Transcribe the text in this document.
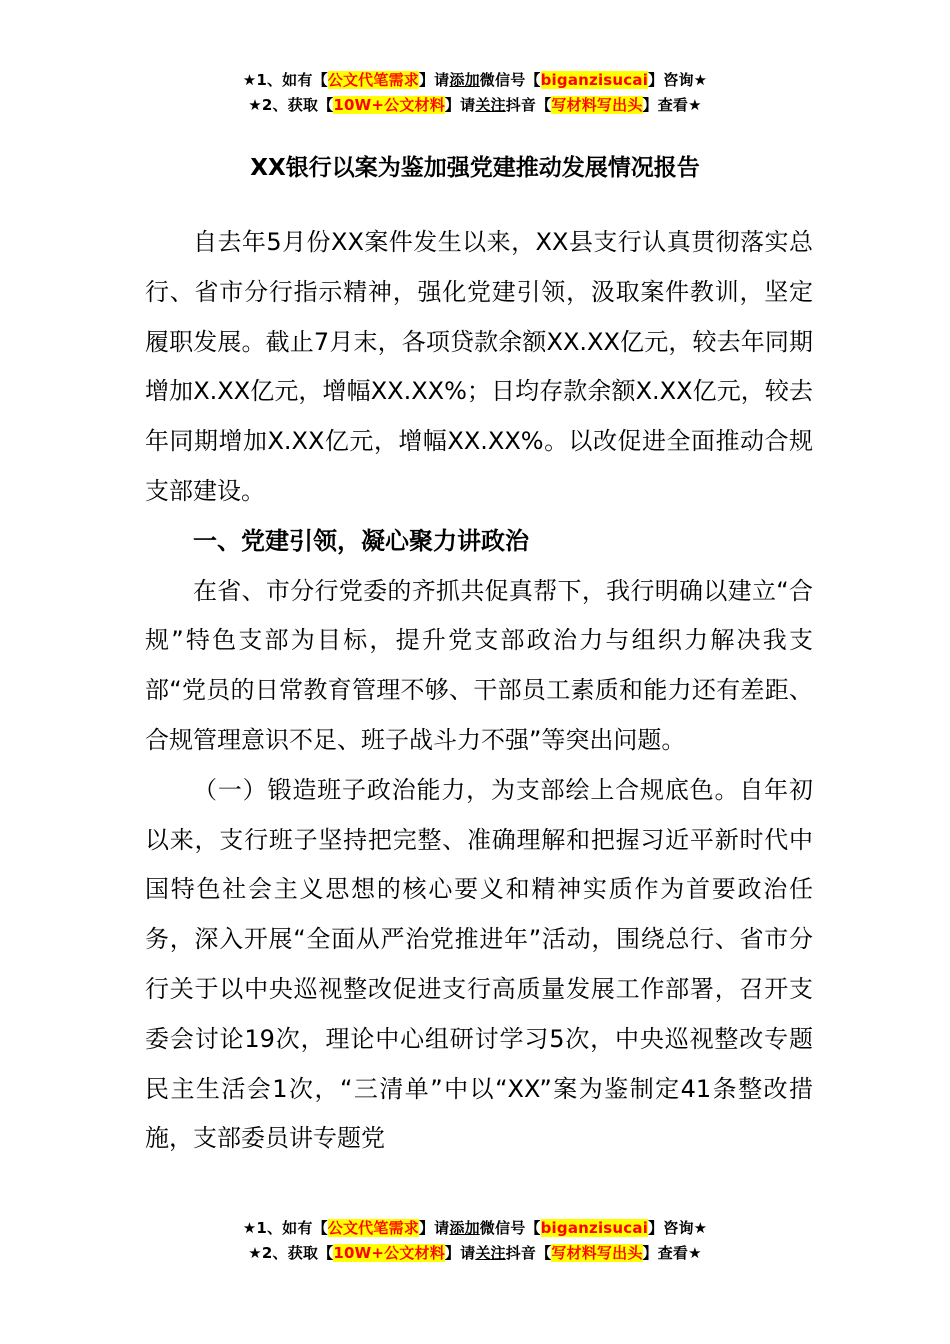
★1、如有【公文代笔需求】请添加微信号【biganzisucai】咨询★
★2、获取【10W+公文材料】请关注抖音【写材料写出头】查看★
XX银行以案为鉴加强党建推动发展情况报告

自去年5月份XX案件发生以来，XX县支行认真贯彻落实总行、省市分行指示精神，强化党建引领，汲取案件教训，坚定履职发展。截止7月末，各项贷款余额XX.XX亿元，较去年同期增加X.XX亿元，增幅XX.XX%；日均存款余额X.XX亿元，较去年同期增加X.XX亿元，增幅XX.XX%。以改促进全面推动合规支部建设。

一、党建引领，凝心聚力讲政治

在省、市分行党委的齐抓共促真帮下，我行明确以建立“合规”特色支部为目标，提升党支部政治力与组织力解决我支部“党员的日常教育管理不够、干部员工素质和能力还有差距、合规管理意识不足、班子战斗力不强”等突出问题。

（一）锻造班子政治能力，为支部绘上合规底色。自年初以来，支行班子坚持把完整、准确理解和把握习近平新时代中国特色社会主义思想的核心要义和精神实质作为首要政治任务，深入开展“全面从严治党推进年”活动，围绕总行、省市分行关于以中央巡视整改促进支行高质量发展工作部署，召开支委会讨论19次，理论中心组研讨学习5次，中央巡视整改专题民主生活会1次，“三清单”中以“XX”案为鉴制定41条整改措施，支部委员讲专题党

★1、如有【公文代笔需求】请添加微信号【biganzisucai】咨询★
★2、获取【10W+公文材料】请关注抖音【写材料写出头】查看★
